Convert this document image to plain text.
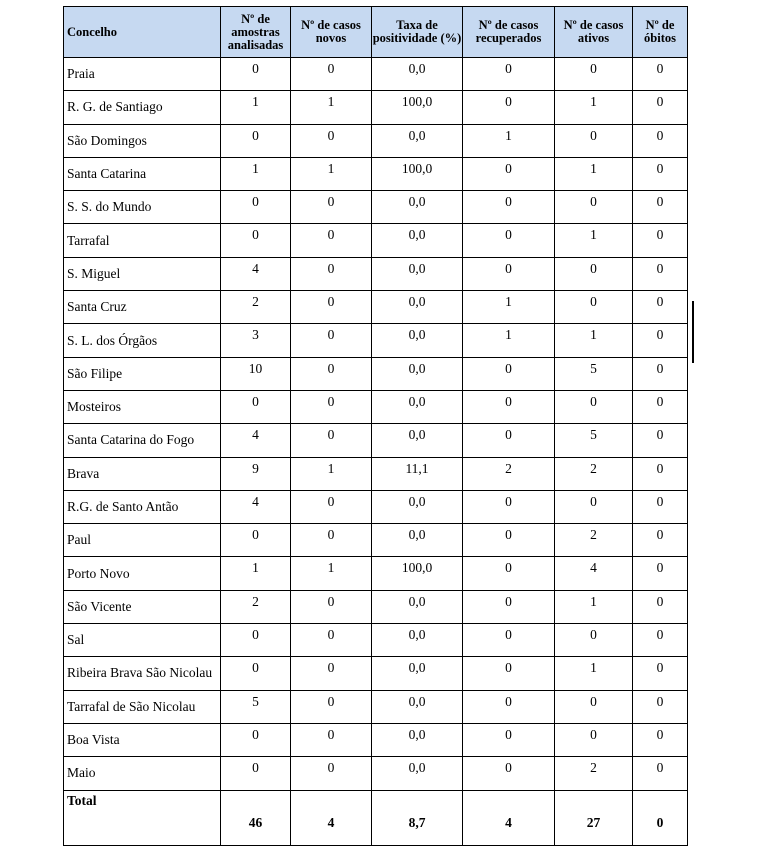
Concelho	Nº de amostras analisadas	Nº de casos novos	Taxa de positividade (%)	Nº de casos recuperados	Nº de casos ativos	Nº de óbitos
Praia	0	0	0,0	0	0	0
R. G. de Santiago	1	1	100,0	0	1	0
São Domingos	0	0	0,0	1	0	0
Santa Catarina	1	1	100,0	0	1	0
S. S. do Mundo	0	0	0,0	0	0	0
Tarrafal	0	0	0,0	0	1	0
S. Miguel	4	0	0,0	0	0	0
Santa Cruz	2	0	0,0	1	0	0
S. L. dos Órgãos	3	0	0,0	1	1	0
São Filipe	10	0	0,0	0	5	0
Mosteiros	0	0	0,0	0	0	0
Santa Catarina do Fogo	4	0	0,0	0	5	0
Brava	9	1	11,1	2	2	0
R.G. de Santo Antão	4	0	0,0	0	0	0
Paul	0	0	0,0	0	2	0
Porto Novo	1	1	100,0	0	4	0
São Vicente	2	0	0,0	0	1	0
Sal	0	0	0,0	0	0	0
Ribeira Brava São Nicolau	0	0	0,0	0	1	0
Tarrafal de São Nicolau	5	0	0,0	0	0	0
Boa Vista	0	0	0,0	0	0	0
Maio	0	0	0,0	0	2	0
Total	46	4	8,7	4	27	0
